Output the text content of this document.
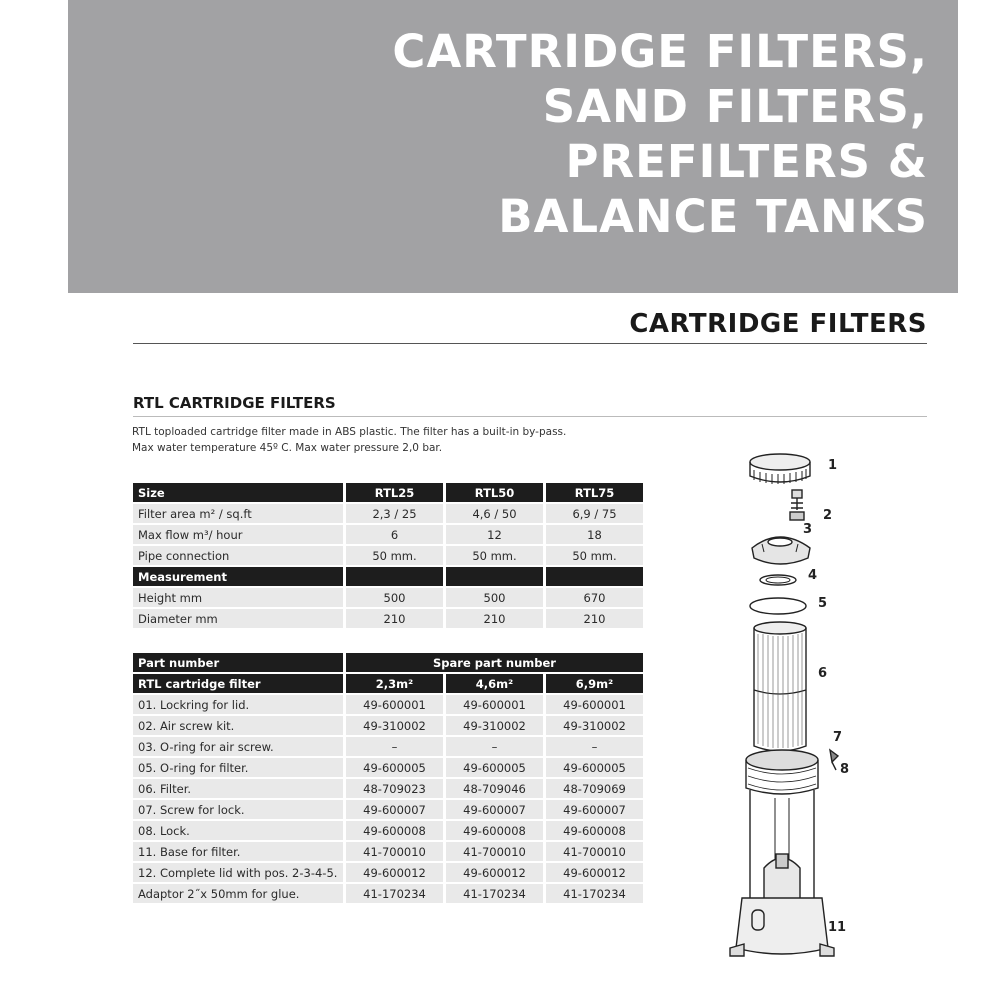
CARTRIDGE FILTERS,
SAND FILTERS,
PREFILTERS &
BALANCE TANKS
CARTRIDGE FILTERS
RTL CARTRIDGE FILTERS

RTL toploaded cartridge filter made in ABS plastic. The filter has a built-in by-pass.

Max water temperature 45º C. Max water pressure 2,0 bar.

Size	RTL25	RTL50	RTL75
Filter area m² / sq.ft	2,3 / 25	4,6 / 50	6,9 / 75
Max flow m³/ hour	6	12	18
Pipe connection	50 mm.	50 mm.	50 mm.
Measurement			
Height mm	500	500	670
Diameter mm	210	210	210
Part number	Spare part number		
RTL cartridge filter	2,3m²	4,6m²	6,9m²
01. Lockring for lid.	49-600001	49-600001	49-600001
02. Air screw kit.	49-310002	49-310002	49-310002
03. O-ring for air screw.	–	–	–
05. O-ring for filter.	49-600005	49-600005	49-600005
06. Filter.	48-709023	48-709046	48-709069
07. Screw for lock.	49-600007	49-600007	49-600007
08. Lock.	49-600008	49-600008	49-600008
11. Base for filter.	41-700010	41-700010	41-700010
12. Complete lid with pos. 2-3-4-5.	49-600012	49-600012	49-600012
Adaptor 2˝x 50mm for glue.	41-170234	41-170234	41-170234
1
2
3
4
5
6
7
8
11
